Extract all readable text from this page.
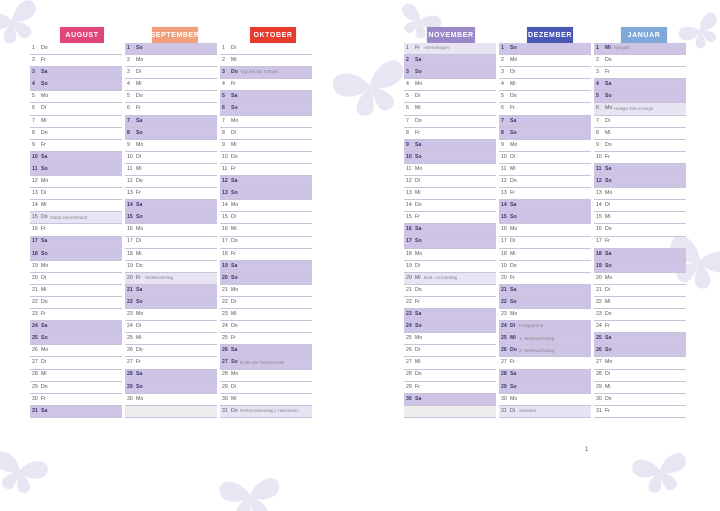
AUGUST	SEPTEMBER	OKTOBER	NOVEMBER	DEZEMBER	JANUAR
1	Do
2	Fr
3	Sa
4	So
5	Mo
6	Di
7	Mi
8	Do
9	Fr
10 Sa
11 So
12 Mo
13 Di
14 Mi
15 Do Mariä Himmelfahrt
16 Fr
17 Sa
18 So
19 Mo
20 Di
21 Mi
22 Do
23 Fr
24 Sa
25 So
26 Mo
27 Di
28 Mi
29 Do
30 Fr
31 Sa
1	So
2	Mo
3	Di
4	Mi
5	Do
6	Fr
7	Sa
8	So
9	Mo
10 Di
11 Mi
12 Do
13 Fr
14 Sa
15 So
16 Mo
17 Di
18 Mi
19 Do
20 Fr Weltkindertag
21 Sa
22 So
23 Mo
24 Di
25 Mi
26 Do
27 Fr
28 Sa
29 So
30 Mo
1	Di
2	Mi
3	Do Tag der Dt. Einheit
4	Fr
5	Sa
6	So
7	Mo
8	Di
9	Mi
10 Do
11 Fr
12 Sa
13 So
14 Mo
15 Di
16 Mi
17 Do
18 Fr
19 Sa
20 So
21 Mo
22 Di
23 Mi
24 Do
25 Fr
26 Sa
27 So Ende der Sommerzeit
28 Mo
29 Di
30 Mi
31 Do Reformationstag | Halloween
1	Fr Allerheiligen
2	Sa
3	So
4	Mo
5	Di
6	Mi
7	Do
8	Fr
9	Sa
10 So
11 Mo
12 Di
13 Mi
14 Do
15 Fr
16 Sa
17 So
18 Mo
19 Di
20 Mi Buß- und Bettag
21 Do
22 Fr
23 Sa
24 So
25 Mo
26 Di
27 Mi
28 Do
29 Fr
30 Sa
1	So
2	Mo
3	Di
4	Mi
5	Do
6	Fr
7	Sa
8	So
9	Mo
10 Di
11 Mi
12 Do
13 Fr
14 Sa
15 So
16 Mo
17 Di
18 Mi
19 Do
20 Fr
21 Sa
22 So
23 Mo
24 Di Heiligabend
25 Mi 1. Weihnachtstag
26 Do 2. Weihnachtstag
27 Fr
28 Sa
29 So
30 Mo
31 Di Silvester
1	Mi Neujahr
2	Do
3	Fr
4	Sa
5	So
6	Mo Heilige Drei Könige
7	Di
8	Mi
9	Do
10 Fr
11 Sa
12 So
13 Mo
14 Di
15 Mi
16 Do
17 Fr
18 Sa
19 So
20 Mo
21 Di
22 Mi
23 Do
24 Fr
25 Sa
26 So
27 Mo
28 Di
29 Mi
30 Do
31 Fr
1
